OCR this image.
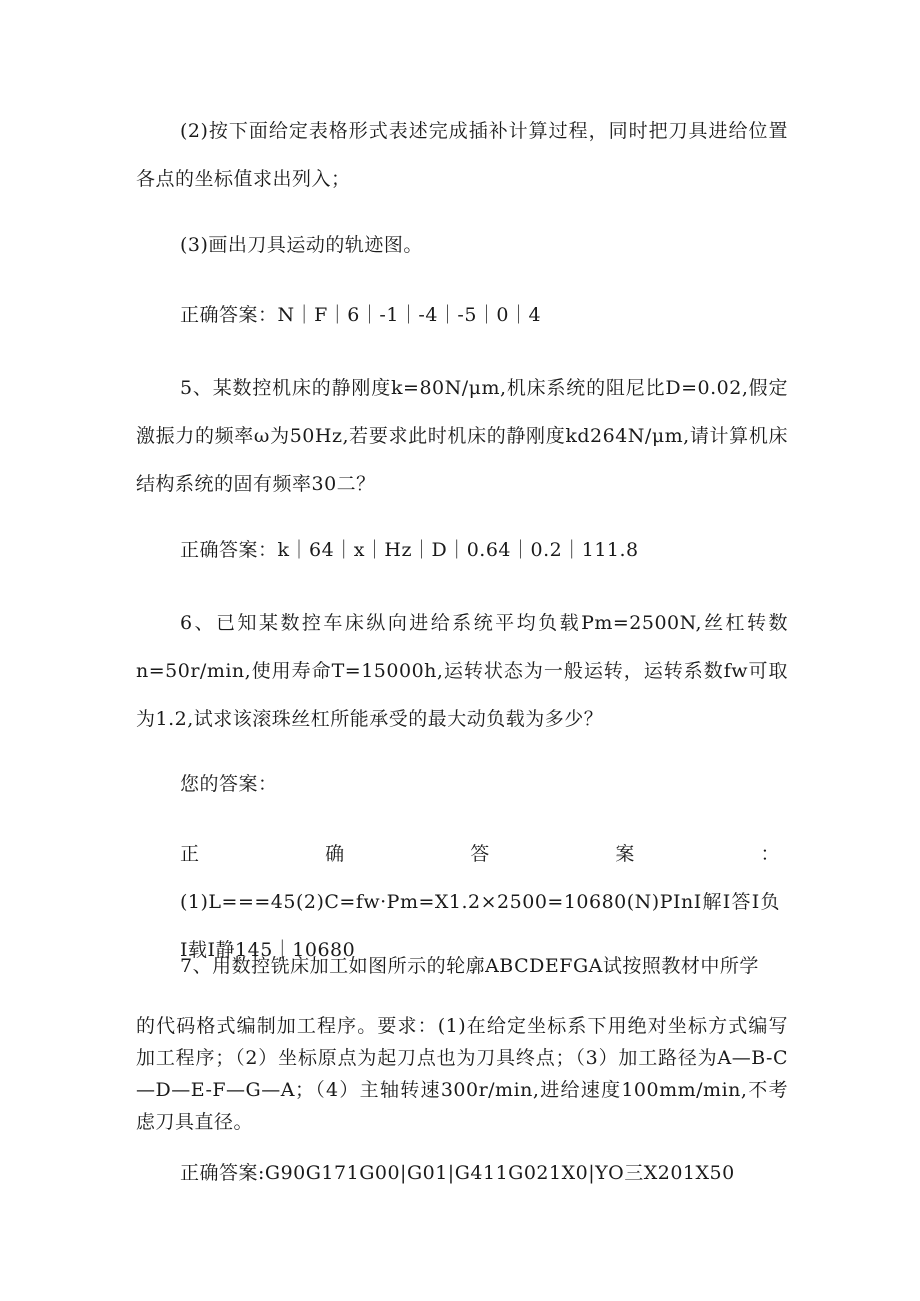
(2)按下面给定表格形式表述完成插补计算过程，同时把刀具进给位置各点的坐标值求出列入；

(3)画出刀具运动的轨迹图。

正确答案：N｜F｜6｜-1｜-4｜-5｜0｜4

5、某数控机床的静刚度k=80N/μm,机床系统的阻尼比D=0.02,假定激振力的频率ω为50Hz,若要求此时机床的静刚度kd264N/μm,请计算机床结构系统的固有频率30二？

正确答案：k｜64｜x｜Hz｜D｜0.64｜0.2｜111.8

6、已知某数控车床纵向进给系统平均负载Pm=2500N,丝杠转数n=50r/min,使用寿命T=15000h,运转状态为一般运转，运转系数fw可取为1.2,试求该滚珠丝杠所能承受的最大动负载为多少？

您的答案：

正确答案：(1)L===45(2)C=fw·Pm=X1.2×2500=10680(N)PInI解I答I负I载I静145｜10680

7、用数控铣床加工如图所示的轮廓ABCDEFGA试按照教材中所学

的代码格式编制加工程序。要求：(1)在给定坐标系下用绝对坐标方式编写加工程序；（2）坐标原点为起刀点也为刀具终点；（3）加工路径为A—B-C—D—E-F—G—A；（4）主轴转速300r/min,进给速度100mm/min,不考虑刀具直径。

正确答案:G90G171G00|G01|G411G021X0|YO三X201X50
